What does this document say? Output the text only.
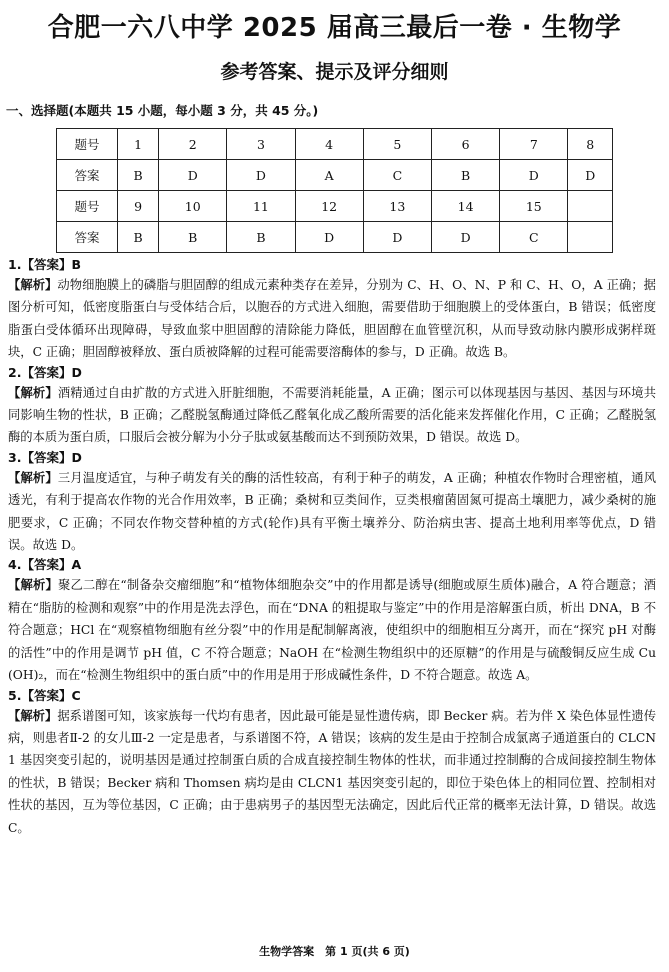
合肥一六八中学 2025 届高三最后一卷 · 生物学
参考答案、提示及评分细则
一、选择题(本题共 15 小题，每小题 3 分，共 45 分。)
题号	1	2	3	4	5	6	7	8
答案	B	D	D	A	C	B	D	D
题号	9	10	11	12	13	14	15	
答案	B	B	B	D	D	D	C	
1.【答案】B

【解析】动物细胞膜上的磷脂与胆固醇的组成元素种类存在差异，分别为 C、H、O、N、P 和 C、H、O，A 正确；据图分析可知，低密度脂蛋白与受体结合后，以胞吞的方式进入细胞，需要借助于细胞膜上的受体蛋白，B 错误；低密度脂蛋白受体循环出现障碍，导致血浆中胆固醇的清除能力降低，胆固醇在血管壁沉积，从而导致动脉内膜形成粥样斑块，C 正确；胆固醇被释放、蛋白质被降解的过程可能需要溶酶体的参与，D 正确。故选 B。

2.【答案】D

【解析】酒精通过自由扩散的方式进入肝脏细胞，不需要消耗能量，A 正确；图示可以体现基因与基因、基因与环境共同影响生物的性状，B 正确；乙醛脱氢酶通过降低乙醛氧化成乙酸所需要的活化能来发挥催化作用，C 正确；乙醛脱氢酶的本质为蛋白质，口服后会被分解为小分子肽或氨基酸而达不到预防效果，D 错误。故选 D。

3.【答案】D

【解析】三月温度适宜，与种子萌发有关的酶的活性较高，有利于种子的萌发，A 正确；种植农作物时合理密植，通风透光，有利于提高农作物的光合作用效率，B 正确；桑树和豆类间作，豆类根瘤菌固氮可提高土壤肥力，减少桑树的施肥要求，C 正确；不同农作物交替种植的方式(轮作)具有平衡土壤养分、防治病虫害、提高土地利用率等优点，D 错误。故选 D。

4.【答案】A

【解析】聚乙二醇在“制备杂交瘤细胞”和“植物体细胞杂交”中的作用都是诱导(细胞或原生质体)融合，A 符合题意；酒精在“脂肪的检测和观察”中的作用是洗去浮色，而在“DNA 的粗提取与鉴定”中的作用是溶解蛋白质，析出 DNA，B 不符合题意；HCl 在“观察植物细胞有丝分裂”中的作用是配制解离液，使组织中的细胞相互分离开，而在“探究 pH 对酶的活性”中的作用是调节 pH 值，C 不符合题意；NaOH 在“检测生物组织中的还原糖”的作用是与硫酸铜反应生成 Cu(OH)₂，而在“检测生物组织中的蛋白质”中的作用是用于形成碱性条件，D 不符合题意。故选 A。

5.【答案】C

【解析】据系谱图可知，该家族每一代均有患者，因此最可能是显性遗传病，即 Becker 病。若为伴 X 染色体显性遗传病，则患者Ⅱ-2 的女儿Ⅲ-2 一定是患者，与系谱图不符，A 错误；该病的发生是由于控制合成氯离子通道蛋白的 CLCN1 基因突变引起的，说明基因是通过控制蛋白质的合成直接控制生物体的性状，而非通过控制酶的合成间接控制生物体的性状，B 错误；Becker 病和 Thomsen 病均是由 CLCN1 基因突变引起的，即位于染色体上的相同位置、控制相对性状的基因，互为等位基因，C 正确；由于患病男子的基因型无法确定，因此后代正常的概率无法计算，D 错误。故选 C。

生物学答案　第 1 页(共 6 页)
